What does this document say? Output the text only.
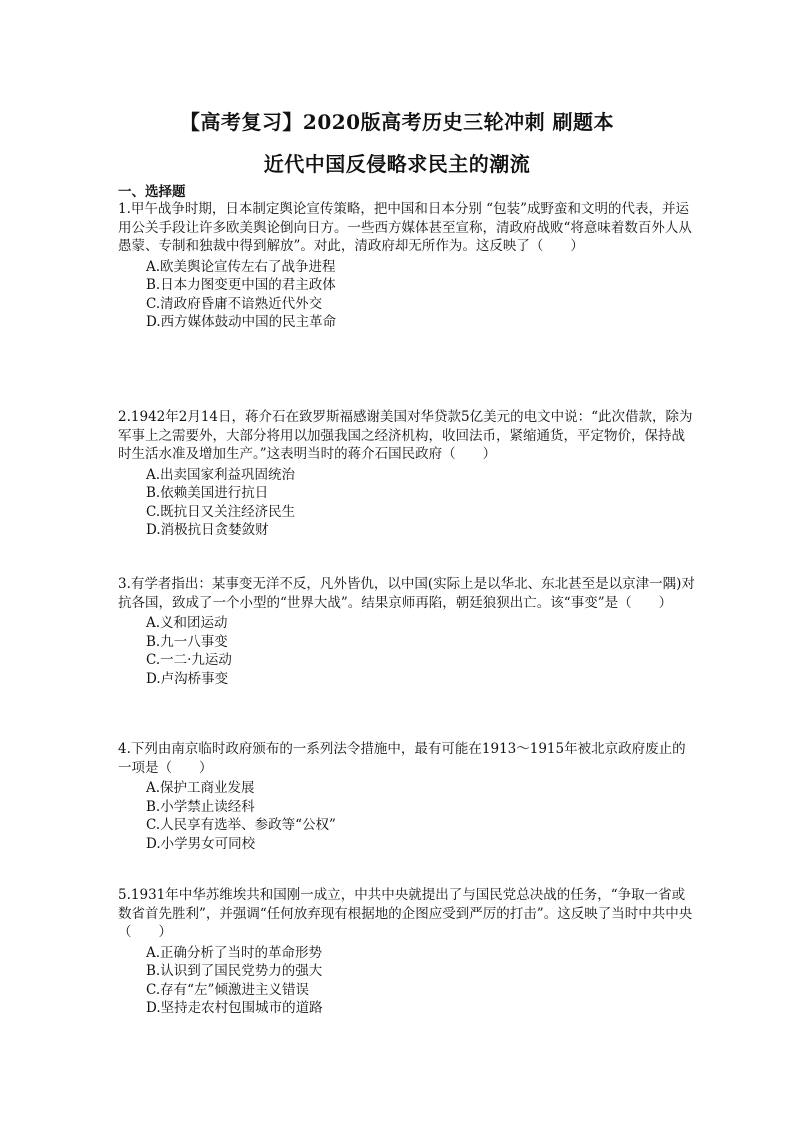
【高考复习】2020版高考历史三轮冲刺 刷题本
近代中国反侵略求民主的潮流
一、选择题
1.甲午战争时期，日本制定舆论宣传策略，把中国和日本分别 “包装”成野蛮和文明的代表，并运用公关手段让许多欧美舆论倒向日方。一些西方媒体甚至宣称，清政府战败“将意味着数百外人从愚蒙、专制和独裁中得到解放”。对此，清政府却无所作为。这反映了（　　）
A.欧美舆论宣传左右了战争进程
B.日本力图变更中国的君主政体
C.清政府昏庸不谙熟近代外交
D.西方媒体鼓动中国的民主革命
2.1942年2月14日，蒋介石在致罗斯福感谢美国对华贷款5亿美元的电文中说：“此次借款，除为军事上之需要外，大部分将用以加强我国之经济机构，收回法币，紧缩通货，平定物价，保持战时生活水准及增加生产。”这表明当时的蒋介石国民政府（　　）
A.出卖国家利益巩固统治
B.依赖美国进行抗日
C.既抗日又关注经济民生
D.消极抗日贪婪敛财
3.有学者指出：某事变无洋不反，凡外皆仇，以中国(实际上是以华北、东北甚至是以京津一隅)对抗各国，致成了一个小型的“世界大战”。结果京师再陷，朝廷狼狈出亡。该“事变”是（　　）
A.义和团运动
B.九一八事变
C.一二·九运动
D.卢沟桥事变
4.下列由南京临时政府颁布的一系列法令措施中，最有可能在1913～1915年被北京政府废止的一项是（　　）
A.保护工商业发展
B.小学禁止读经科
C.人民享有选举、参政等“公权”
D.小学男女可同校
5.1931年中华苏维埃共和国刚一成立，中共中央就提出了与国民党总决战的任务，“争取一省或数省首先胜利”，并强调“任何放弃现有根据地的企图应受到严厉的打击”。这反映了当时中共中央（　　）
A.正确分析了当时的革命形势
B.认识到了国民党势力的强大
C.存有“左”倾激进主义错误
D.坚持走农村包围城市的道路
